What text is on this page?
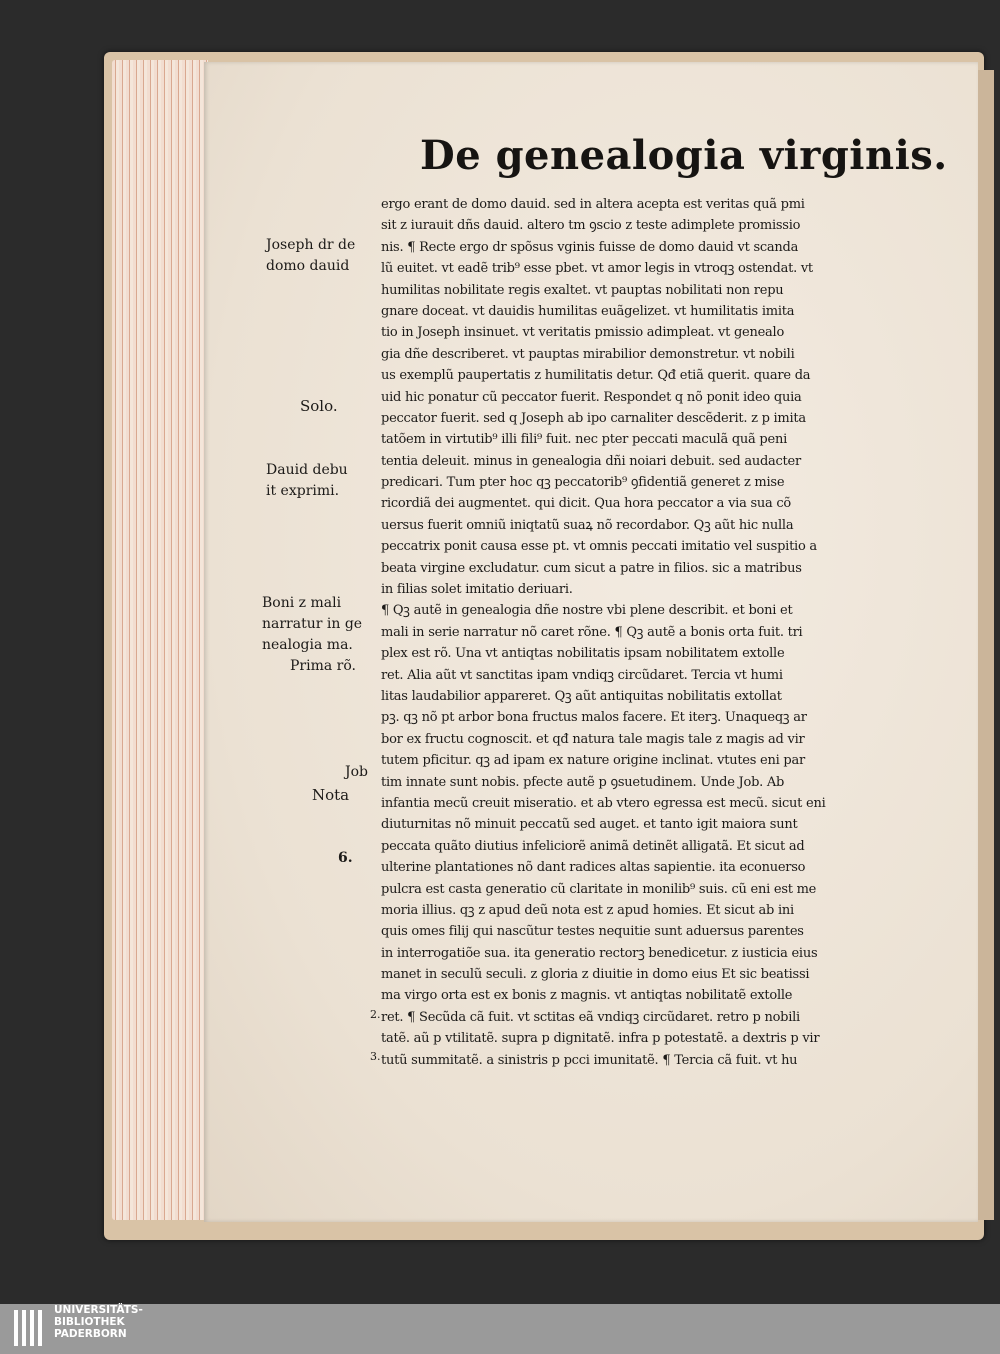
De genealogia virginis.
ergo erant de domo dauid. sed in altera acepta est veritas quã pmi
sit z iurauit dñs dauid. altero tm ꝯscio z teste adimplete promissio
nis. ¶ Recte ergo dr spõsus vginis fuisse de domo dauid vt scanda
lũ euitet. vt eadẽ trib⁹ esse pbet. vt amor legis in vtroqꝫ ostendat. vt
humilitas nobilitate regis exaltet. vt pauptas nobilitati non repu
gnare doceat. vt dauidis humilitas euãgelizet. vt humilitatis imita
tio in Joseph insinuet. vt veritatis pmissio adimpleat. vt genealo
gia dñe describeret. vt pauptas mirabilior demonstretur. vt nobili
us exemplũ paupertatis z humilitatis detur. Qđ etiã querit. quare da
uid hic ponatur cũ peccator fuerit. Respondet q nõ ponit ideo quia
peccator fuerit. sed q Joseph ab ipo carnaliter descẽderit. z p imita
tatõem in virtutib⁹ illi fili⁹ fuit. nec pter peccati maculã quã peni
tentia deleuit. minus in genealogia dñi noiari debuit. sed audacter
predicari. Tum pter hoc qꝫ peccatorib⁹ ꝯfidentiã generet z mise
ricordiã dei augmentet. qui dicit. Qua hora peccator a via sua cõ
uersus fuerit omniũ iniqtatũ suaꝝ nõ recordabor. Qꝫ aũt hic nulla
peccatrix ponit causa esse pt. vt omnis peccati imitatio vel suspitio a
beata virgine excludatur. cum sicut a patre in filios. sic a matribus
in filias solet imitatio deriuari.
¶ Qꝫ autẽ in genealogia dñe nostre vbi plene describit. et boni et
mali in serie narratur nõ caret rõne. ¶ Qꝫ autẽ a bonis orta fuit. tri
plex est rõ. Una vt antiqtas nobilitatis ipsam nobilitatem extolle
ret. Alia aũt vt sanctitas ipam vndiqꝫ circũdaret. Tercia vt humi
litas laudabilior appareret. Qꝫ aũt antiquitas nobilitatis extollat
pꝫ. qꝫ nõ pt arbor bona fructus malos facere. Et iterꝫ. Unaqueqꝫ ar
bor ex fructu cognoscit. et qđ natura tale magis tale z magis ad vir
tutem pficitur. qꝫ ad ipam ex nature origine inclinat. vtutes eni par
tim innate sunt nobis. pfecte autẽ p ꝯsuetudinem. Unde Job. Ab
infantia mecũ creuit miseratio. et ab vtero egressa est mecũ. sicut eni
diuturnitas nõ minuit peccatũ sed auget. et tanto igit maiora sunt
peccata quãto diutius infeliciorẽ animã detinẽt alligatã. Et sicut ad
ulterine plantationes nõ dant radices altas sapientie. ita econuerso
pulcra est casta generatio cũ claritate in monilib⁹ suis. cũ eni est me
moria illius. qꝫ z apud deũ nota est z apud homies. Et sicut ab ini
quis omes filij qui nascũtur testes nequitie sunt aduersus parentes
in interrogatiõe sua. ita generatio rectorꝫ benedicetur. z iusticia eius
manet in seculũ seculi. z gloria z diuitie in domo eius Et sic beatissi
ma virgo orta est ex bonis z magnis. vt antiqtas nobilitatẽ extolle
ret. ¶ Secũda cã fuit. vt sctitas eã vndiqꝫ circũdaret. retro p nobili
tatẽ. aũ p vtilitatẽ. supra p dignitatẽ. infra p potestatẽ. a dextris p vir
tutũ summitatẽ. a sinistris p pcci imunitatẽ. ¶ Tercia cã fuit. vt hu
Joseph dr de
domo dauid
Solo.
Dauid debu
it exprimi.
Boni z mali
narratur in ge
nealogia ma.
Prima rõ.
Job
Nota
6.
2.
3.
UNIVERSITÄTS-
BIBLIOTHEK
PADERBORN
